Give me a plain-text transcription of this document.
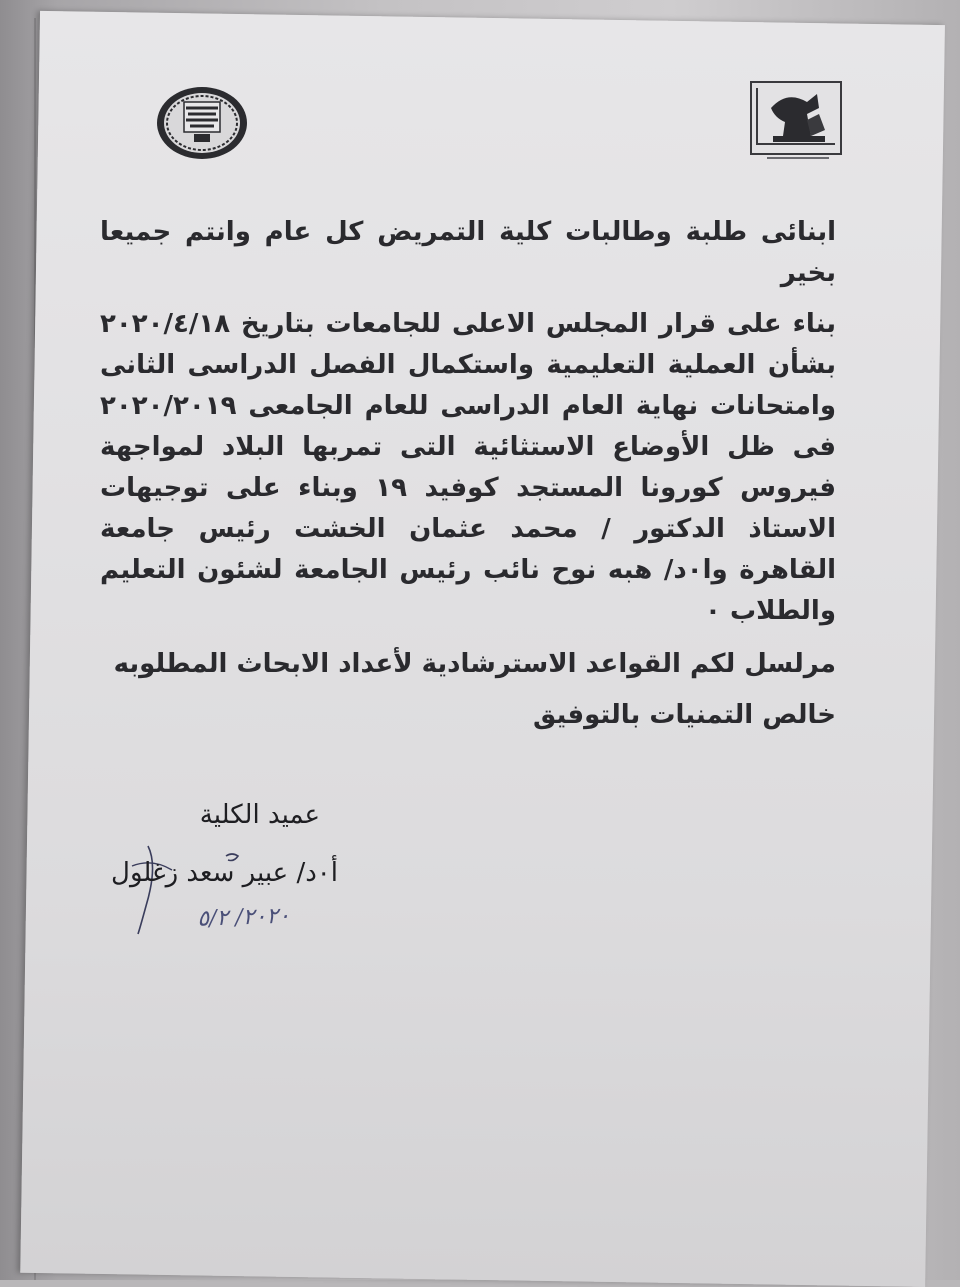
ابنائى طلبة وطالبات كلية التمريض كل عام وانتم جميعا بخير

بناء على قرار المجلس الاعلى للجامعات بتاريخ ٢٠٢٠/٤/١٨ بشأن العملية التعليمية واستكمال الفصل الدراسى الثانى وامتحانات نهاية العام الدراسى للعام الجامعى ٢٠٢٠/٢٠١٩ فى ظل الأوضاع الاستثائية التى تمربها البلاد لمواجهة فيروس كورونا المستجد كوفيد ١٩ وبناء على توجيهات الاستاذ الدكتور / محمد عثمان الخشت رئيس جامعة القاهرة وا٠د/ هبه نوح نائب رئيس الجامعة لشئون التعليم والطلاب ٠

مرلسل لكم القواعد الاسترشادية لأعداد الابحاث المطلوبه

خالص التمنيات بالتوفيق

عميد الكلية
أ٠د/ عبير سعد زغلول
٢٠٢٠/ ٥/٢
